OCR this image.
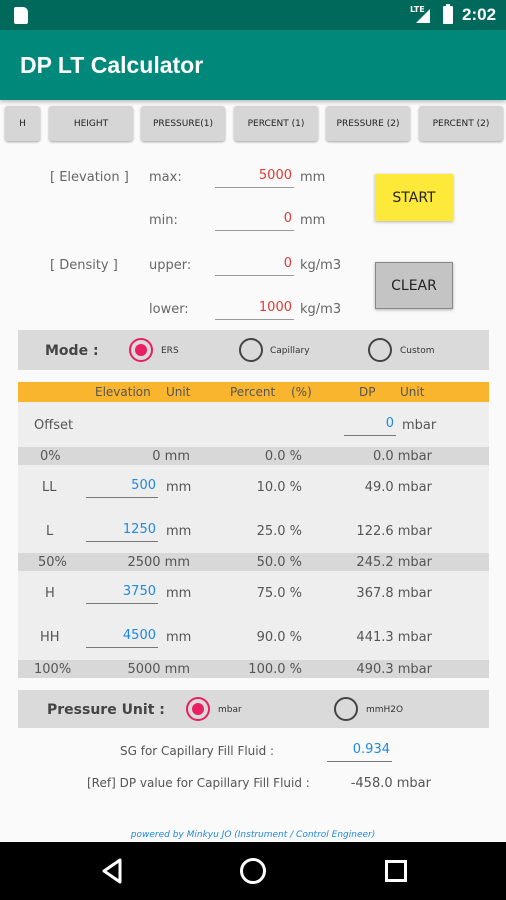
LTE 2:02
DP LT Calculator
H	HEIGHT	PRESSURE(1)	PERCENT (1)	PRESSURE (2)	PERCENT (2)
[ Elevation ] max:	5000 mm
min:	0 mm
[ Density ] upper:	0 kg/m3
lower:	1000 kg/m3
START
CLEAR
Mode :	ERS	Capillary	Custom
Elevation Unit	Percent (%)	DP Unit
Offset	0 mbar
0%	0 mm	0.0 %	0.0 mbar
LL	500 mm	10.0 %	49.0 mbar
L	1250 mm	25.0 %	122.6 mbar
50%	2500 mm	50.0 %	245.2 mbar
H	3750 mm	75.0 %	367.8 mbar
HH	4500 mm	90.0 %	441.3 mbar
100%	5000 mm	100.0 %	490.3 mbar
Pressure Unit :	mbar	mmH2O
SG for Capillary Fill Fluid :	0.934
[Ref] DP value for Capillary Fill Fluid :	-458.0 mbar
powered by Minkyu JO (Instrument / Control Engineer)
